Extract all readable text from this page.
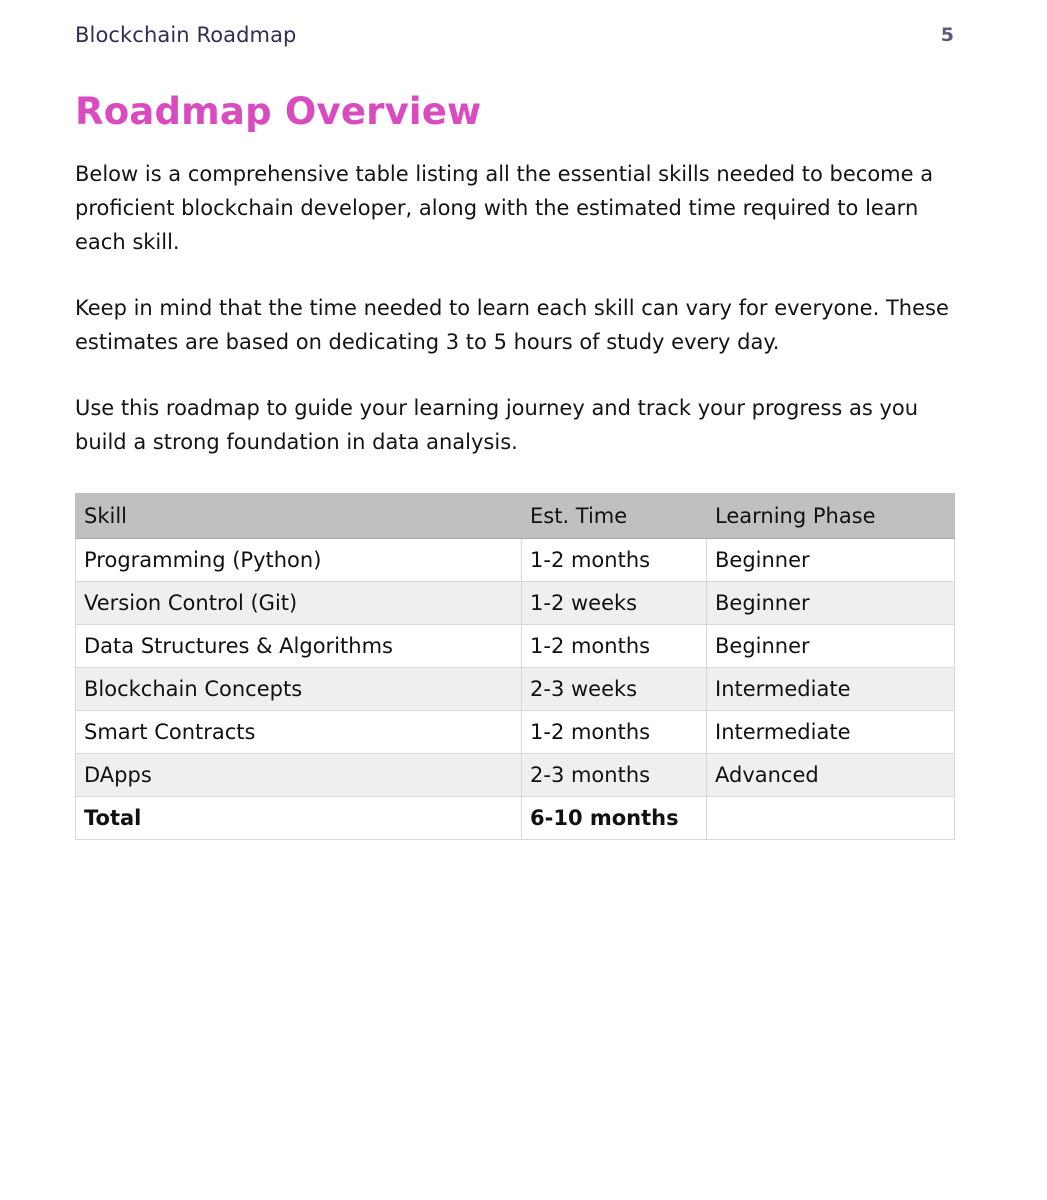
Blockchain Roadmap	5
Roadmap Overview

Below is a comprehensive table listing all the essential skills needed to become a proficient blockchain developer, along with the estimated time required to learn each skill.

Keep in mind that the time needed to learn each skill can vary for everyone. These estimates are based on dedicating 3 to 5 hours of study every day.

Use this roadmap to guide your learning journey and track your progress as you build a strong foundation in data analysis.

Skill	Est. Time	Learning Phase
Programming (Python)	1-2 months	Beginner
Version Control (Git)	1-2 weeks	Beginner
Data Structures & Algorithms	1-2 months	Beginner
Blockchain Concepts	2-3 weeks	Intermediate
Smart Contracts	1-2 months	Intermediate
DApps	2-3 months	Advanced
Total	6-10 months	
